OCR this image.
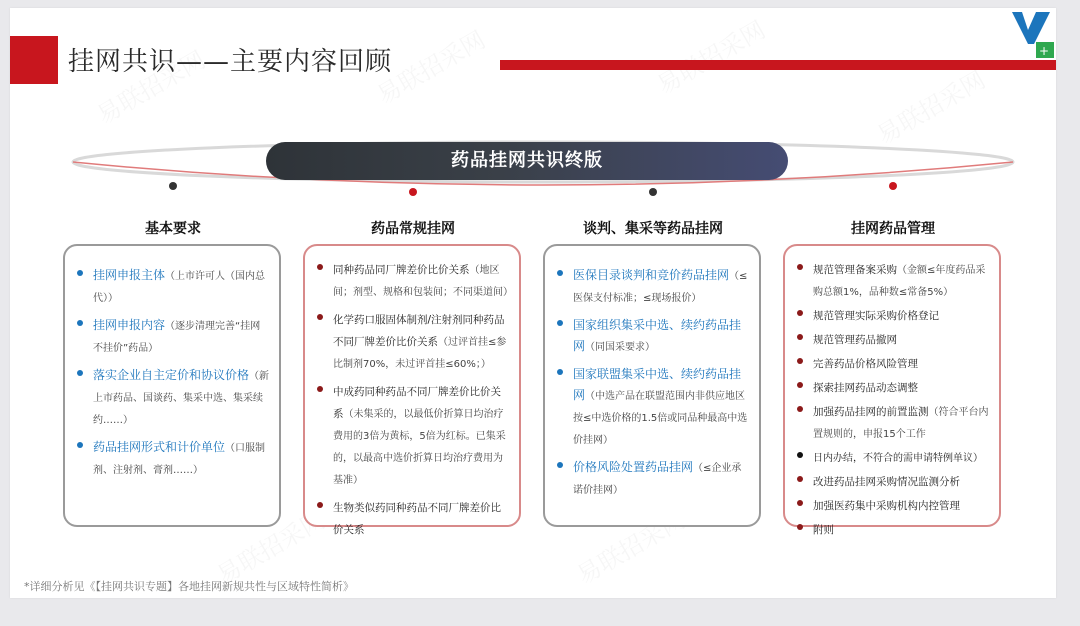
挂网共识——主要内容回顾	+
药品挂网共识终版
基本要求	药品常规挂网	谈判、集采等药品挂网	挂网药品管理
挂网申报主体（上市许可人（国内总代））
挂网申报内容（逐步清理完善“挂网不挂价”药品）
落实企业自主定价和协议价格（新上市药品、国谈药、集采中选、集采续约……）
药品挂网形式和计价单位（口服制剂、注射剂、膏剂……）
同种药品同厂牌差价比价关系（地区间；剂型、规格和包装间；不同渠道间）
化学药口服固体制剂/注射剂同种药品不同厂牌差价比价关系（过评首挂≤参比制剂70%，未过评首挂≤60%；）
中成药同种药品不同厂牌差价比价关系（未集采的，以最低价折算日均治疗费用的3倍为黄标，5倍为红标。已集采的，以最高中选价折算日均治疗费用为基准）
生物类似药同种药品不同厂牌差价比价关系
医保目录谈判和竞价药品挂网（≤医保支付标准；≤现场报价）
国家组织集采中选、续约药品挂网（同国采要求）
国家联盟集采中选、续约药品挂网（中选产品在联盟范围内非供应地区按≤中选价格的1.5倍或同品种最高中选价挂网）
价格风险处置药品挂网（≤企业承诺价挂网）
规范管理备案采购（金额≤年度药品采购总额1%，品种数≤常备5%）
规范管理实际采购价格登记
规范管理药品撤网
完善药品价格风险管理
探索挂网药品动态调整
加强药品挂网的前置监测（符合平台内置规则的，申报15个工作
日内办结，不符合的需申请特例单议）
改进药品挂网采购情况监测分析
加强医药集中采购机构内控管理
附则
*详细分析见《【挂网共识专题】各地挂网新规共性与区域特性简析》
